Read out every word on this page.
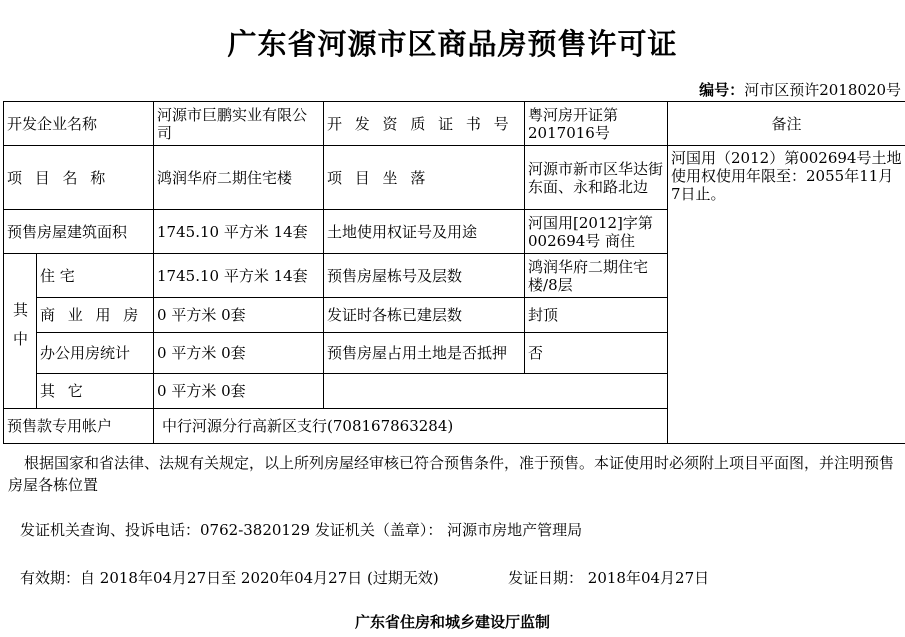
广东省河源市区商品房预售许可证
编号：河市区预许2018020号
开发企业名称		河源市巨鹏实业有限公司	开 发 资 质 证 书 号	粤河房开证第2017016号	备注
项 目 名 称		鸿润华府二期住宅楼	项 目 坐 落	河源市新市区华达街东面、永和路北边	河国用（2012）第002694号土地使用权使用年限至：2055年11月7日止。
预售房屋建筑面积		1745.10 平方米 14套	土地使用权证号及用途	河国用[2012]字第002694号 商住	
其中	住 宅	1745.10 平方米 14套	预售房屋栋号及层数	鸿润华府二期住宅楼/8层	
	商 业 用 房	0 平方米 0套	发证时各栋已建层数	封顶	
	办公用房统计	0 平方米 0套	预售房屋占用土地是否抵押	否	
	其 它	0 平方米 0套			
预售款专用帐户		中行河源分行高新区支行(708167863284)			
根据国家和省法律、法规有关规定，以上所列房屋经审核已符合预售条件，准于预售。本证使用时必须附上项目平面图，并注明预售房屋各栋位置
发证机关查询、投诉电话：0762-3820129 发证机关（盖章）： 河源市房地产管理局
有效期：自 2018年04月27日至 2020年04月27日 (过期无效)	发证日期： 2018年04月27日
广东省住房和城乡建设厅监制
